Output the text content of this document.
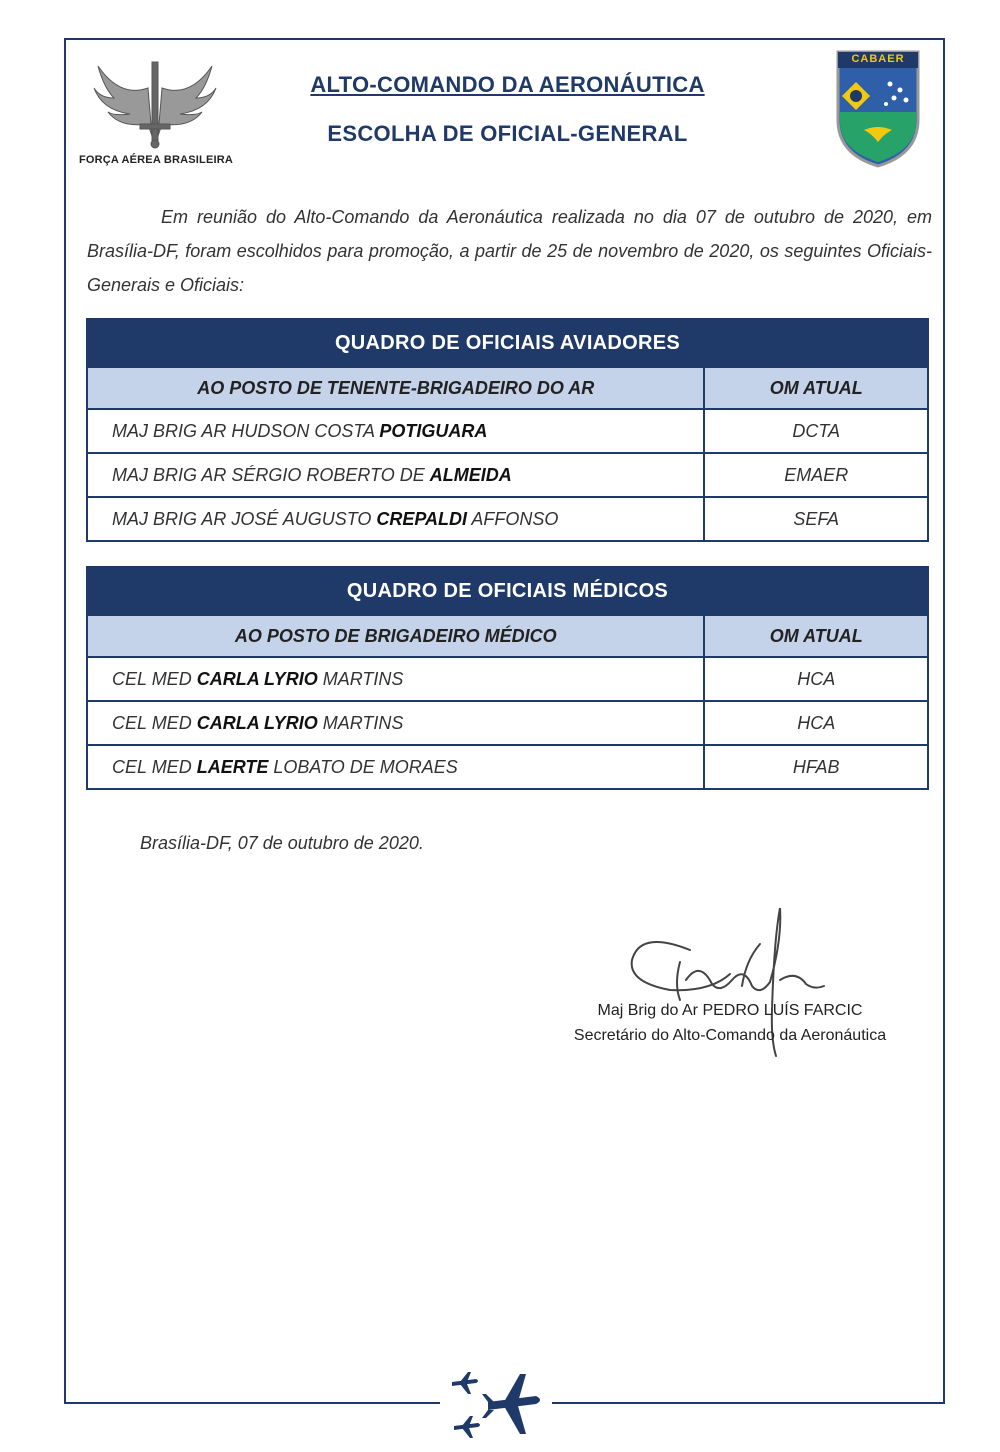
FORÇA AÉREA BRASILEIRA
ALTO-COMANDO DA AERONÁUTICA
ESCOLHA DE OFICIAL-GENERAL
CABAER
Em reunião do Alto-Comando da Aeronáutica realizada no dia 07 de outubro de 2020, em Brasília-DF, foram escolhidos para promoção, a partir de 25 de novembro de 2020, os seguintes Oficiais-Generais e Oficiais:
QUADRO DE OFICIAIS AVIADORES	
AO POSTO DE TENENTE-BRIGADEIRO DO AR	OM ATUAL
MAJ BRIG AR HUDSON COSTA POTIGUARA	DCTA
MAJ BRIG AR SÉRGIO ROBERTO DE ALMEIDA	EMAER
MAJ BRIG AR JOSÉ AUGUSTO CREPALDI AFFONSO	SEFA
QUADRO DE OFICIAIS MÉDICOS	
AO POSTO DE BRIGADEIRO MÉDICO	OM ATUAL
CEL MED CARLA LYRIO MARTINS	HCA
CEL MED CARLA LYRIO MARTINS	HCA
CEL MED LAERTE LOBATO DE MORAES	HFAB
Brasília-DF, 07 de outubro de 2020.
Maj Brig do Ar PEDRO LUÍS FARCIC
Secretário do Alto-Comando da Aeronáutica
